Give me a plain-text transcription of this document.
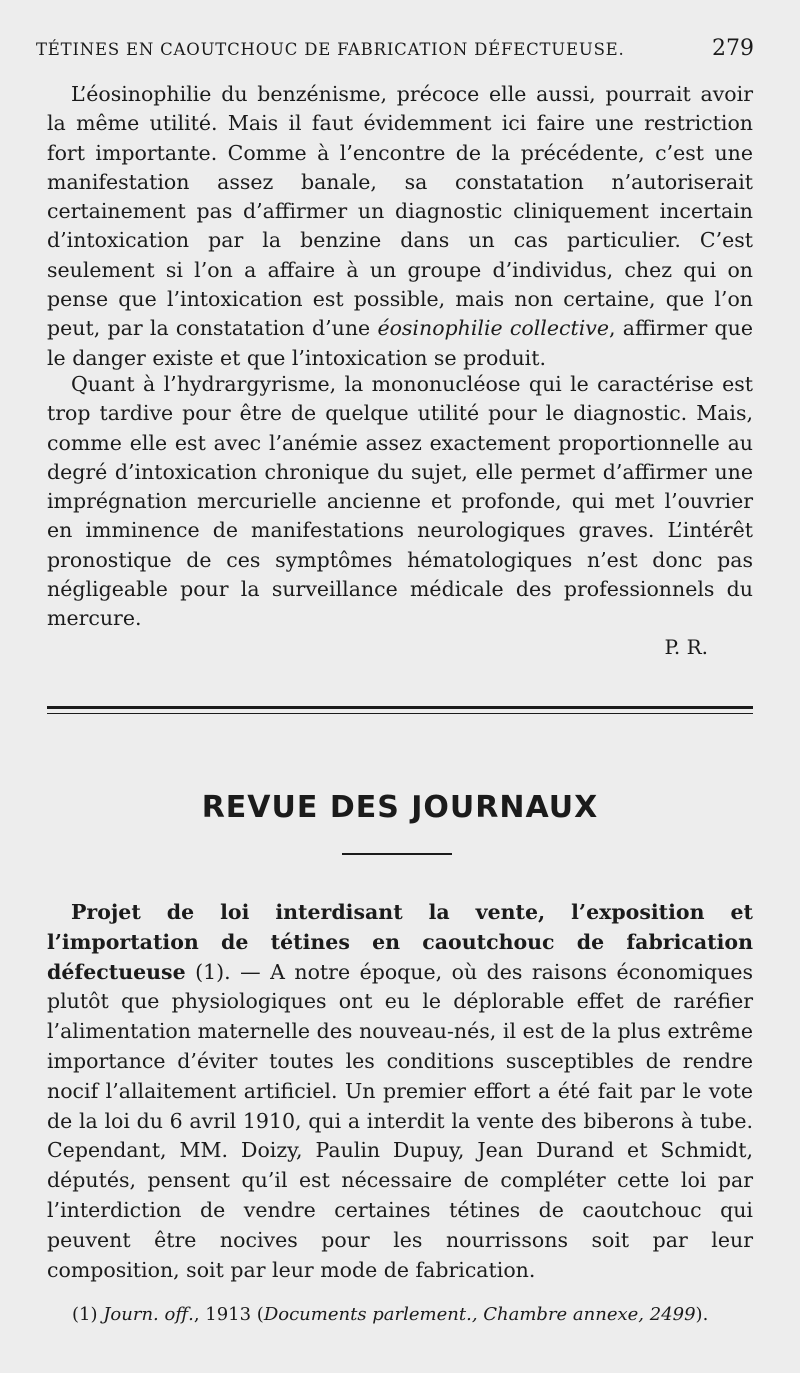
TÉTINES EN CAOUTCHOUC DE FABRICATION DÉFECTUEUSE.	279

L’éosinophilie du benzénisme, précoce elle aussi, pourrait avoir la même utilité. Mais il faut évidemment ici faire une restriction fort importante. Comme à l’encontre de la précédente, c’est une manifestation assez banale, sa constatation n’autoriserait certainement pas d’affirmer un diagnostic cliniquement incertain d’intoxication par la benzine dans un cas particulier. C’est seulement si l’on a affaire à un groupe d’individus, chez qui on pense que l’intoxication est possible, mais non certaine, que l’on peut, par la constatation d’une éosinophilie collective, affirmer que le danger existe et que l’intoxication se produit.

Quant à l’hydrargyrisme, la mononucléose qui le caractérise est trop tardive pour être de quelque utilité pour le diagnostic. Mais, comme elle est avec l’anémie assez exactement proportionnelle au degré d’intoxication chronique du sujet, elle permet d’affirmer une imprégnation mercurielle ancienne et profonde, qui met l’ouvrier en imminence de manifestations neurologiques graves. L’intérêt pronostique de ces symptômes hématologiques n’est donc pas négligeable pour la surveillance médicale des professionnels du mercure.

P. R.
REVUE DES JOURNAUX

Projet de loi interdisant la vente, l’exposition et l’importation de tétines en caoutchouc de fabrication défectueuse (1). — A notre époque, où des raisons économiques plutôt que physiologiques ont eu le déplorable effet de raréfier l’alimentation maternelle des nouveau-nés, il est de la plus extrême importance d’éviter toutes les conditions susceptibles de rendre nocif l’allaitement artificiel. Un premier effort a été fait par le vote de la loi du 6 avril 1910, qui a interdit la vente des biberons à tube. Cependant, MM. Doizy, Paulin Dupuy, Jean Durand et Schmidt, députés, pensent qu’il est nécessaire de compléter cette loi par l’interdiction de vendre certaines tétines de caoutchouc qui peuvent être nocives pour les nourrissons soit par leur composition, soit par leur mode de fabrication.

(1) Journ. off., 1913 (Documents parlement., Chambre annexe, 2499).
